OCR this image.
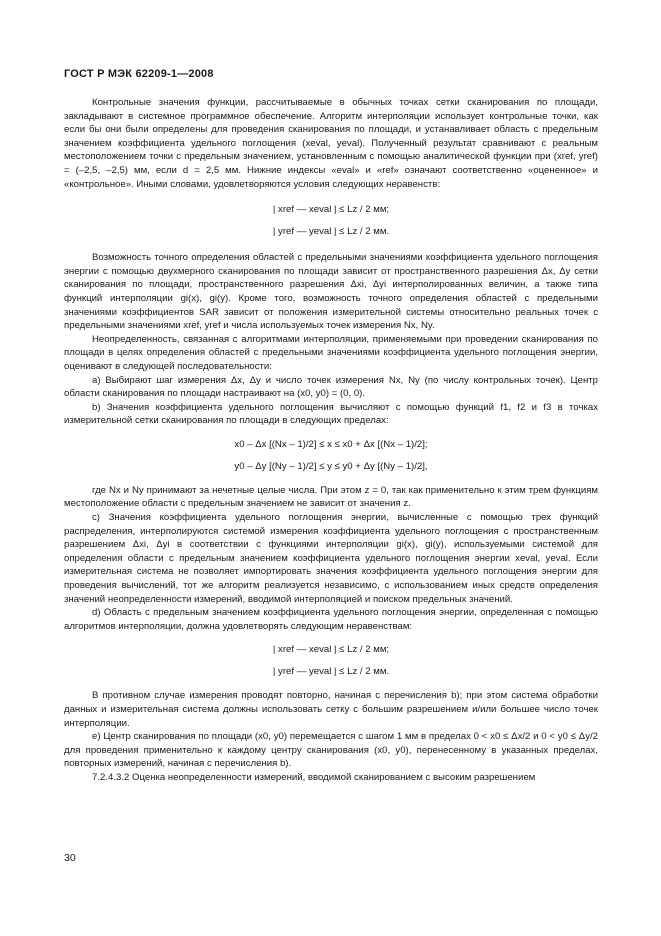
ГОСТ Р МЭК 62209-1—2008

Контрольные значения функции, рассчитываемые в обычных точках сетки сканирования по площади, закладывают в системное программное обеспечение. Алгоритм интерполяции использует контрольные точки, как если бы они были определены для проведения сканирования по площади, и устанавливает область с предельным значением коэффициента удельного поглощения (xeval, yeval). Полученный результат сравнивают с реальным местоположением точки с предельным значением, установленным с помощью аналитической функции при (xref, yref) = (–2,5, –2,5) мм, если d = 2,5 мм. Нижние индексы «eval» и «ref» означают соответственно «оцененное» и «контрольное». Иными словами, удовлетворяются условия следующих неравенств:

| xref — xeval | ≤ Lz / 2 мм;

| yref — yeval | ≤ Lz / 2 мм.

Возможность точного определения областей с предельными значениями коэффициента удельного поглощения энергии с помощью двухмерного сканирования по площади зависит от пространственного разрешения Δx, Δy сетки сканирования по площади, пространственного разрешения Δxi, Δyi интерполированных величин, а также типа функций интерполяции gi(x), gi(y). Кроме того, возможность точного определения областей с предельными значениями коэффициентов SAR зависит от положения измерительной системы относительно реальных точек с предельными значениями xref, yref и числа используемых точек измерения Nx, Ny.

Неопределенность, связанная с алгоритмами интерполяции, применяемыми при проведении сканирования по площади в целях определения областей с предельными значениями коэффициента удельного поглощения энергии, оценивают в следующей последовательности:

a) Выбирают шаг измерения Δx, Δy и число точек измерения Nx, Ny (по числу контрольных точек). Центр области сканирования по площади настраивают на (x0, y0) = (0, 0).

b) Значения коэффициента удельного поглощения вычисляют с помощью функций f1, f2 и f3 в точках измерительной сетки сканирования по площади в следующих пределах:

x0 – Δx [(Nx – 1)/2] ≤ x ≤ x0 + Δx [(Nx – 1)/2];

y0 – Δy [(Ny – 1)/2] ≤ y ≤ y0 + Δy [(Ny – 1)/2],

где Nx и Ny принимают за нечетные целые числа. При этом z = 0, так как применительно к этим трем функциям местоположение области с предельным значением не зависит от значения z.

c) Значения коэффициента удельного поглощения энергии, вычисленные с помощью трех функций распределения, интерполируются системой измерения коэффициента удельного поглощения с пространственным разрешением Δxi, Δyi в соответствии с функциями интерполяции gi(x), gi(y), используемыми системой для определения области с предельным значением коэффициента удельного поглощения энергии xeval, yeval. Если измерительная система не позволяет импортировать значения коэффициента удельного поглощения энергии для проведения вычислений, тот же алгоритм реализуется независимо, с использованием иных средств определения значений неопределенности измерений, вводимой интерполяцией и поиском предельных значений.

d) Область с предельным значением коэффициента удельного поглощения энергии, определенная с помощью алгоритмов интерполяции, должна удовлетворять следующим неравенствам:

| xref — xeval | ≤ Lz / 2 мм;

| yref — yeval | ≤ Lz / 2 мм.

В противном случае измерения проводят повторно, начиная с перечисления b); при этом система обработки данных и измерительная система должны использовать сетку с большим разрешением и/или большее число точек интерполяции.

e) Центр сканирования по площади (x0, y0) перемещается с шагом 1 мм в пределах 0 < x0 ≤ Δx/2 и 0 < y0 ≤ Δy/2 для проведения применительно к каждому центру сканирования (x0, y0), перенесенному в указанных пределах, повторных измерений, начиная с перечисления b).

7.2.4.3.2 Оценка неопределенности измерений, вводимой сканированием с высоким разрешением

30
